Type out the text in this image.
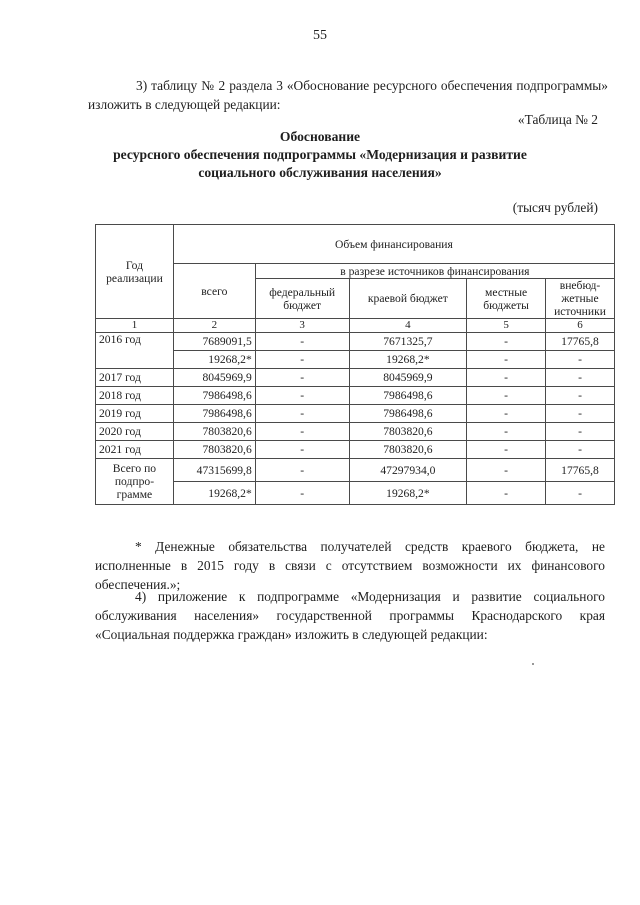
55
3) таблицу № 2 раздела 3 «Обоснование ресурсного обеспечения подпрограммы» изложить в следующей редакции:
«Таблица № 2
Обоснование
ресурсного обеспечения подпрограммы «Модернизация и развитие
социального обслуживания населения»
(тысяч рублей)
Год реализации	Объем финансирования				
	всего	в разрезе источников финансирования			
		федеральный бюджет	краевой бюджет	местные бюджеты	внебюд-жетные источники
1	2	3	4	5	6
2016 год	7689091,5	-	7671325,7	-	17765,8
	19268,2*	-	19268,2*	-	-
2017 год	8045969,9	-	8045969,9	-	-
2018 год	7986498,6	-	7986498,6	-	-
2019 год	7986498,6	-	7986498,6	-	-
2020 год	7803820,6	-	7803820,6	-	-
2021 год	7803820,6	-	7803820,6	-	-
Всего по подпро-грамме	47315699,8	-	47297934,0	-	17765,8
	19268,2*	-	19268,2*	-	-
* Денежные обязательства получателей средств краевого бюджета, не исполненные в 2015 году в связи с отсутствием возможности их финансового обеспечения.»;
4) приложение к подпрограмме «Модернизация и развитие социального обслуживания населения» государственной программы Краснодарского края «Социальная поддержка граждан» изложить в следующей редакции:
